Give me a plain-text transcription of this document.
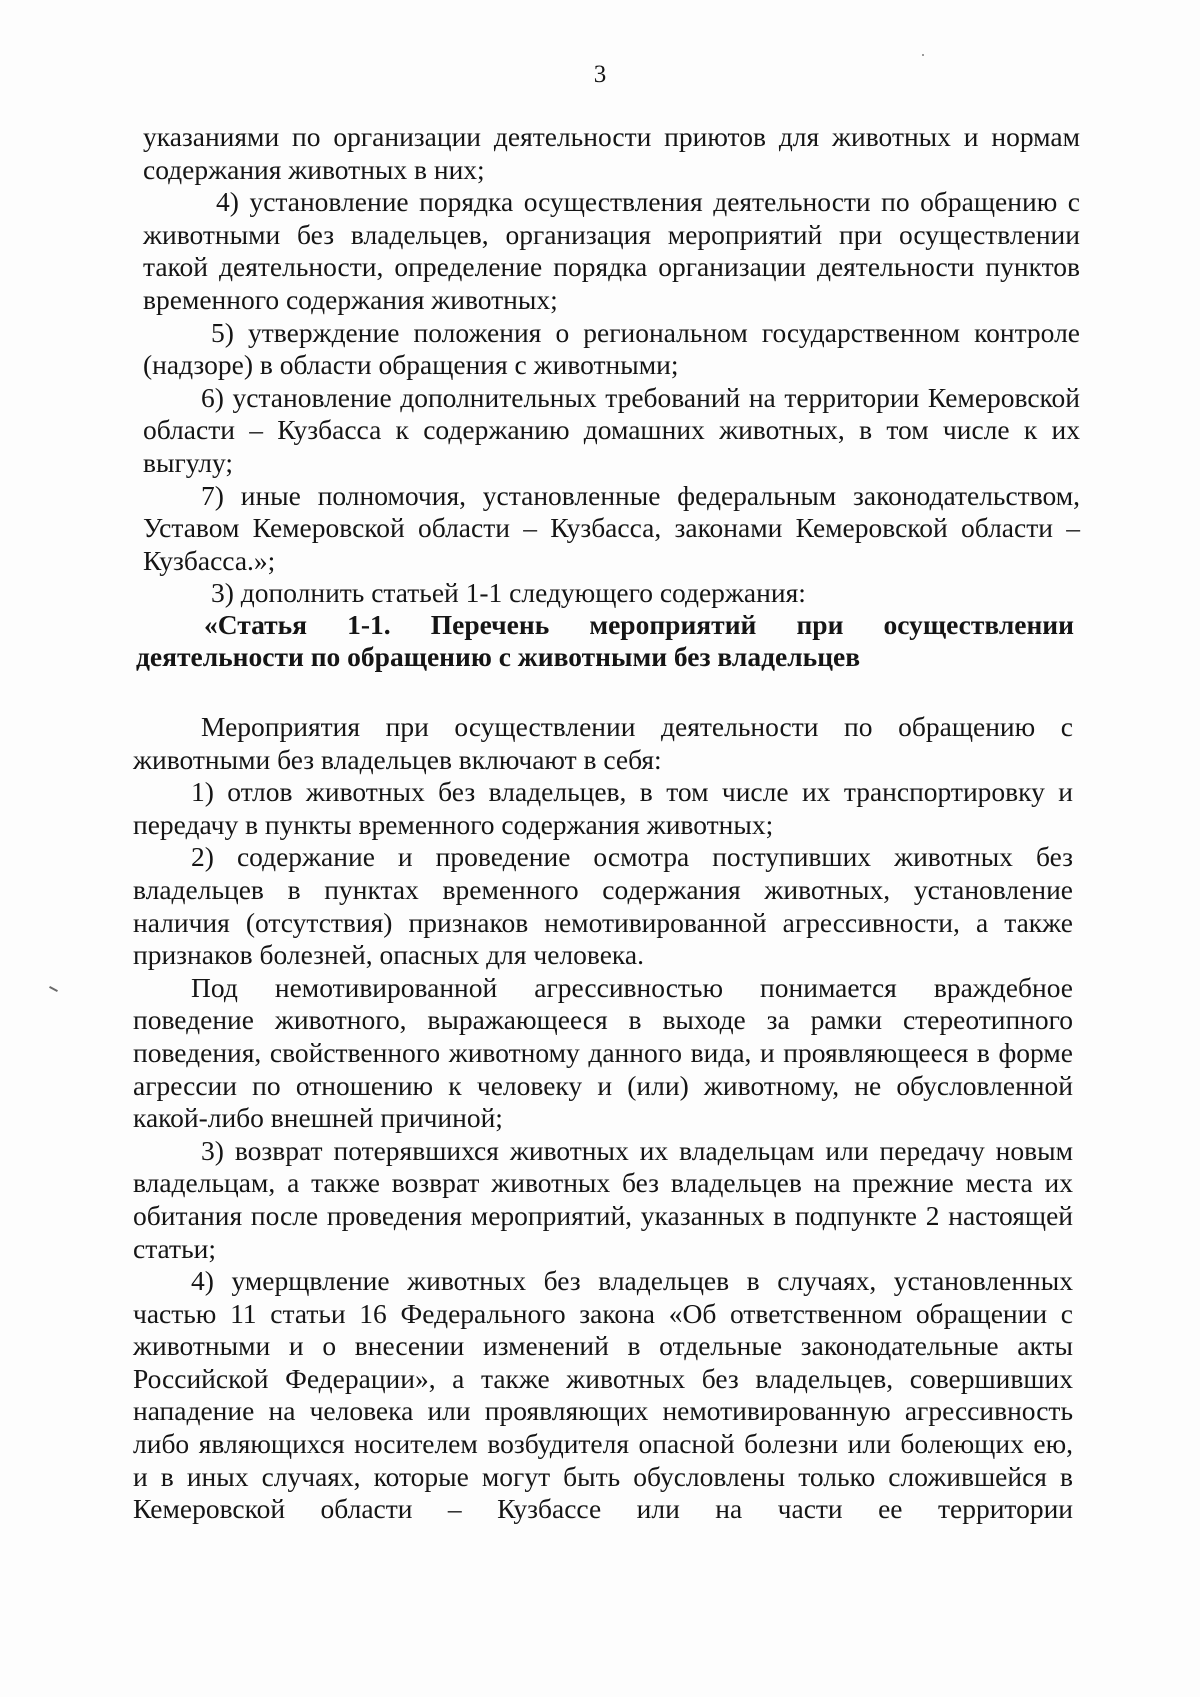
3

указаниями по организации деятельности приютов для животных и нормам содержания животных в них;

4) установление порядка осуществления деятельности по обращению с животными без владельцев, организация мероприятий при осуществлении такой деятельности, определение порядка организации деятельности пунктов временного содержания животных;

5) утверждение положения о региональном государственном контроле (надзоре) в области обращения с животными;

6) установление дополнительных требований на территории Кемеровской области – Кузбасса к содержанию домашних животных, в том числе к их выгулу;

7) иные полномочия, установленные федеральным законодательством, Уставом Кемеровской области – Кузбасса, законами Кемеровской области – Кузбасса.»;

3) дополнить статьей 1-1 следующего содержания:

«Статья 1-1. Перечень мероприятий при осуществлении деятельности по обращению с животными без владельцев

Мероприятия при осуществлении деятельности по обращению с животными без владельцев включают в себя:

1) отлов животных без владельцев, в том числе их транспортировку и передачу в пункты временного содержания животных;

2) содержание и проведение осмотра поступивших животных без владельцев в пунктах временного содержания животных, установление наличия (отсутствия) признаков немотивированной агрессивности, а также признаков болезней, опасных для человека.

Под немотивированной агрессивностью понимается враждебное поведение животного, выражающееся в выходе за рамки стереотипного поведения, свойственного животному данного вида, и проявляющееся в форме агрессии по отношению к человеку и (или) животному, не обусловленной какой-либо внешней причиной;

3) возврат потерявшихся животных их владельцам или передачу новым владельцам, а также возврат животных без владельцев на прежние места их обитания после проведения мероприятий, указанных в подпункте 2 настоящей статьи;

4) умерщвление животных без владельцев в случаях, установленных частью 11 статьи 16 Федерального закона «Об ответственном обращении с животными и о внесении изменений в отдельные законодательные акты Российской Федерации», а также животных без владельцев, совершивших нападение на человека или проявляющих немотивированную агрессивность либо являющихся носителем возбудителя опасной болезни или болеющих ею, и в иных случаях, которые могут быть обусловлены только сложившейся в Кемеровской области – Кузбассе или на части ее территории
